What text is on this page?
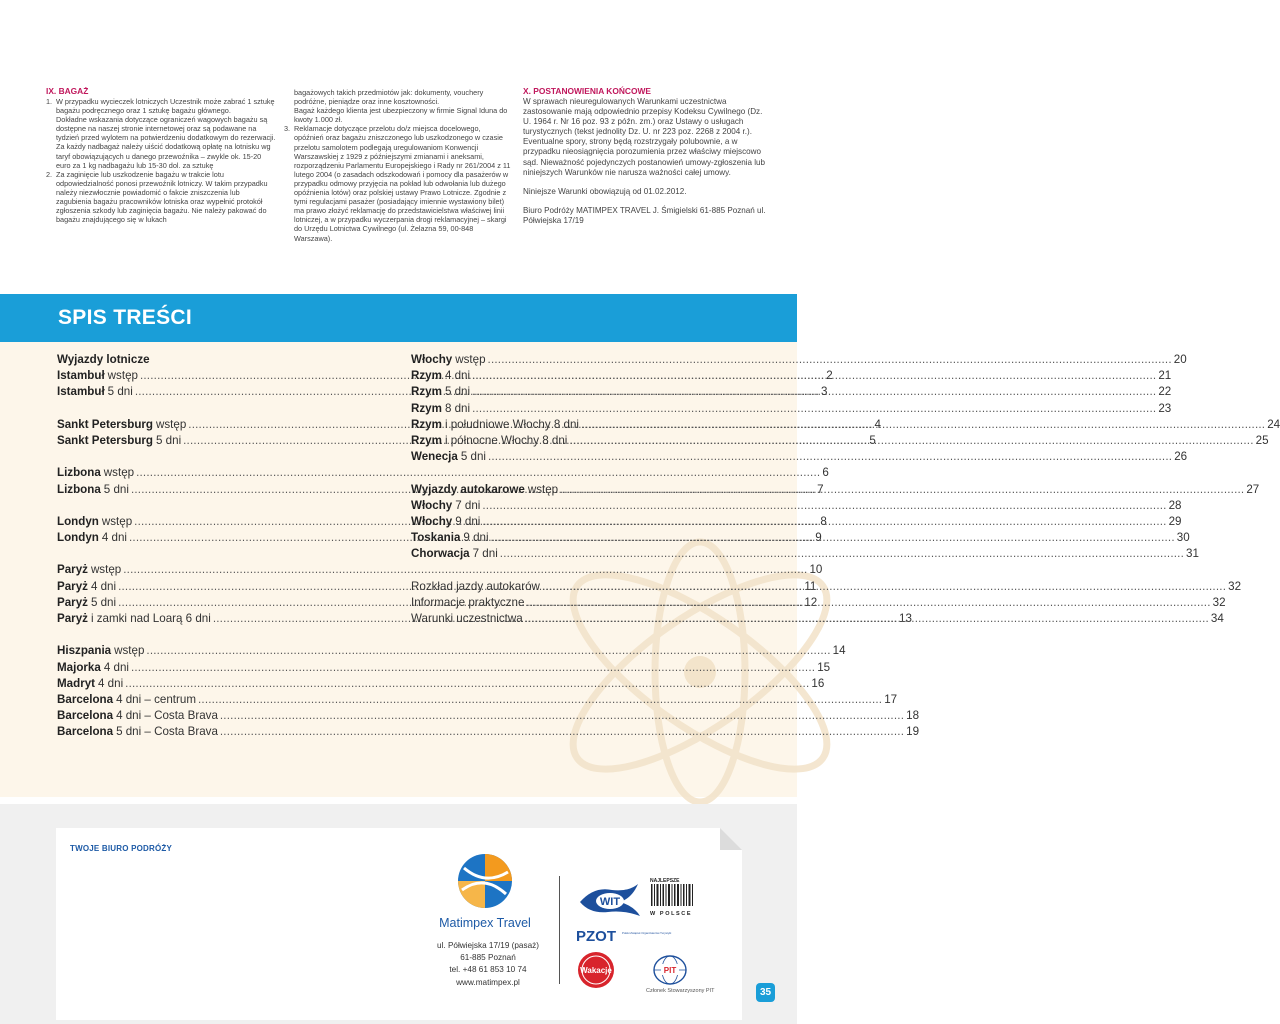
IX. BAGAŻ
1. W przypadku wycieczek lotniczych Uczestnik może zabrać 1 sztukę bagażu podręcznego oraz 1 sztukę bagażu głównego.
Dokładne wskazania dotyczące ograniczeń wagowych bagażu są dostępne na naszej stronie internetowej oraz są podawane na tydzień przed wylotem na potwierdzeniu dodatkowym do rezerwacji. Za każdy nadbagaż należy uiścić dodatkową opłatę na lotnisku wg taryf obowiązujących u danego przewoźnika – zwykle ok. 15-20 euro za 1 kg nadbagażu lub 15-30 dol. za sztukę
2. Za zaginięcie lub uszkodzenie bagażu w trakcie lotu odpowiedzialność ponosi przewoźnik lotniczy. W takim przypadku należy niezwłocznie powiadomić o fakcie zniszczenia lub zagubienia bagażu pracowników lotniska oraz wypełnić protokół zgłoszenia szkody lub zaginięcia bagażu. Nie należy pakować do bagażu znajdującego się w lukach
bagażowych takich przedmiotów jak: dokumenty, vouchery podróżne, pieniądze oraz inne kosztowności.
Bagaż każdego klienta jest ubezpieczony w firmie Signal Iduna do kwoty 1.000 zł.
3. Reklamacje dotyczące przelotu do/z miejsca docelowego, opóźnień oraz bagażu zniszczonego lub uszkodzonego w czasie przelotu samolotem podlegają uregulowaniom Konwencji Warszawskiej z 1929 z późniejszymi zmianami i aneksami, rozporządzeniu Parlamentu Europejskiego i Rady nr 261/2004 z 11 lutego 2004 (o zasadach odszkodowań i pomocy dla pasażerów w przypadku odmowy przyjęcia na pokład lub odwołania lub dużego opóźnienia lotów) oraz polskiej ustawy Prawo Lotnicze. Zgodnie z tymi regulacjami pasażer (posiadający imiennie wystawiony bilet) ma prawo złożyć reklamację do przedstawicielstwa właściwej linii lotniczej, a w przypadku wyczerpania drogi reklamacyjnej – skargi do Urzędu Lotnictwa Cywilnego (ul. Żelazna 59, 00-848 Warszawa).
X. POSTANOWIENIA KOŃCOWE

W sprawach nieuregulowanych Warunkami uczestnictwa zastosowanie mają odpowiednio przepisy Kodeksu Cywilnego (Dz. U. 1964 r. Nr 16 poz. 93 z późn. zm.) oraz Ustawy o usługach turystycznych (tekst jednolity Dz. U. nr 223 poz. 2268 z 2004 r.). Eventualne spory, strony będą rozstrzygały polubownie, a w przypadku nieosiągnięcia porozumienia przez właściwy miejscowo sąd. Nieważność pojedynczych postanowień umowy-zgłoszenia lub niniejszych Warunków nie narusza ważności całej umowy.

Niniejsze Warunki obowiązują od 01.02.2012.

Biuro Podróży MATIMPEX TRAVEL J. Śmigielski 61-885 Poznań ul. Półwiejska 17/19

SPIS TREŚCI
Wyjazdy lotnicze
Istambuł wstęp .....	2
Istambuł 5 dni .....	3
Sankt Petersburg wstęp .....	4
Sankt Petersburg 5 dni .....	5
Lizbona wstęp .....	6
Lizbona 5 dni .....	7
Londyn wstęp .....	8
Londyn 4 dni .....	9
Paryż wstęp .....	10
Paryż 4 dni .....	11
Paryż 5 dni .....	12
Paryż i zamki nad Loarą 6 dni .....	13
Hiszpania wstęp .....	14
Majorka 4 dni .....	15
Madryt 4 dni .....	16
Barcelona 4 dni – centrum .....	17
Barcelona 4 dni – Costa Brava .....	18
Barcelona 5 dni – Costa Brava .....	19
Włochy wstęp .....	20
Rzym 4 dni .....	21
Rzym 5 dni .....	22
Rzym 8 dni .....	23
Rzym i południowe Włochy 8 dni .....	24
Rzym i północne Włochy 8 dni .....	25
Wenecja 5 dni .....	26
Wyjazdy autokarowe wstęp .....	27
Włochy 7 dni .....	28
Włochy 9 dni .....	29
Toskania 9 dni .....	30
Chorwacja 7 dni .....	31
Rozkład jazdy autokarów .....	32
Informacje praktyczne .....	32
Warunki uczestnictwa .....	34
TWOJE BIURO PODRÓŻY
Matimpex Travel
ul. Półwiejska 17/19 (pasaż)
61-885 Poznań
tel. +48 61 853 10 74
www.matimpex.pl
WIT
PZOT Polski Związek Organizatorów Turystyki
Wakacje
NAJLEPSZE
W POLSCE
PIT
Członek Stowarzyszony PIT	35
